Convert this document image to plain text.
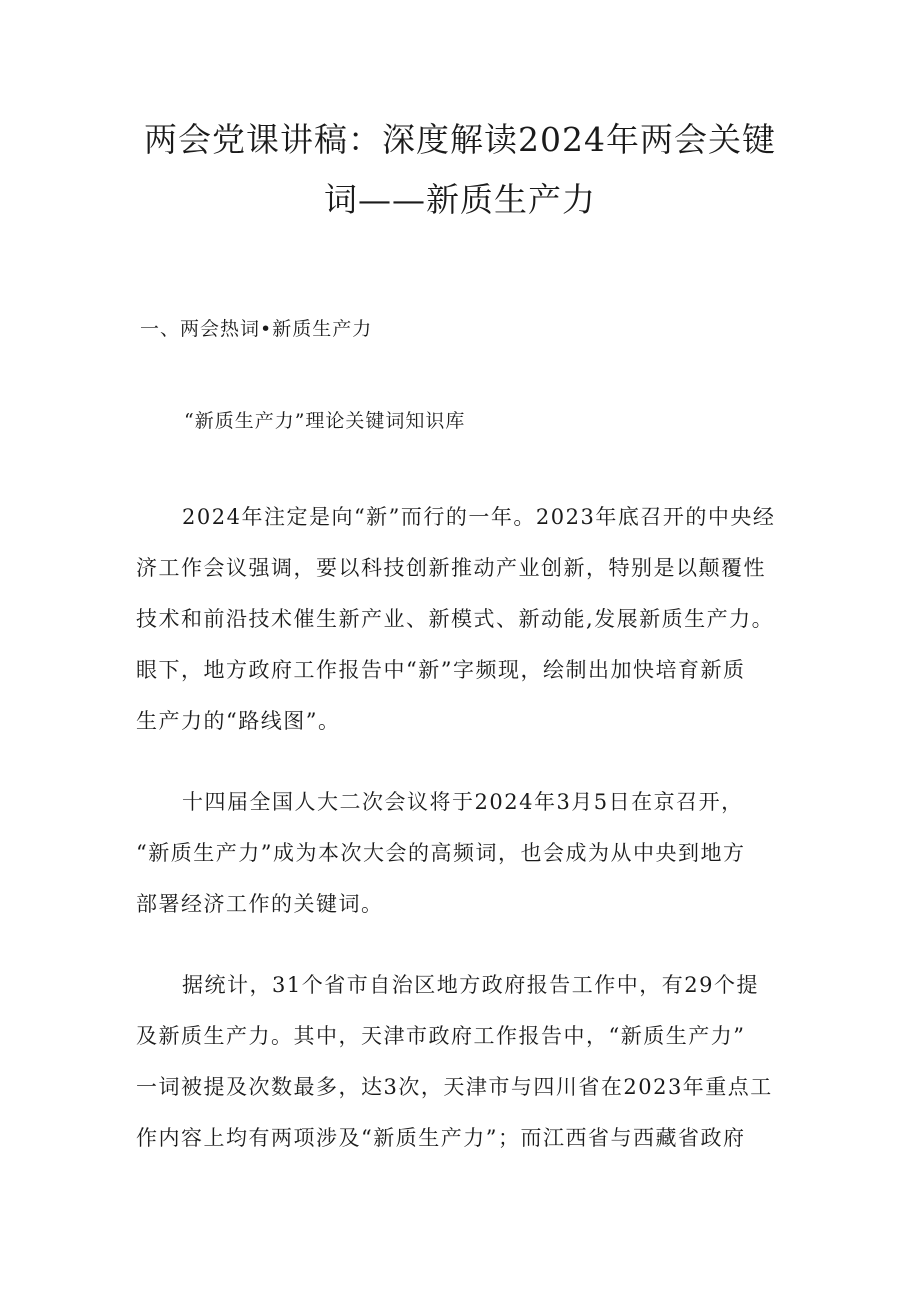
两会党课讲稿：深度解读2024年两会关键
词——新质生产力
一、两会热词•新质生产力
“新质生产力”理论关键词知识库
2024年注定是向“新”而行的一年。2023年底召开的中央经
济工作会议强调，要以科技创新推动产业创新，特别是以颠覆性
技术和前沿技术催生新产业、新模式、新动能,发展新质生产力。
眼下，地方政府工作报告中“新”字频现，绘制出加快培育新质
生产力的“路线图”。
十四届全国人大二次会议将于2024年3月5日在京召开，
“新质生产力”成为本次大会的高频词，也会成为从中央到地方
部署经济工作的关键词。
据统计，31个省市自治区地方政府报告工作中，有29个提
及新质生产力。其中，天津市政府工作报告中，“新质生产力”
一词被提及次数最多，达3次，天津市与四川省在2023年重点工
作内容上均有两项涉及“新质生产力”；而江西省与西藏省政府
